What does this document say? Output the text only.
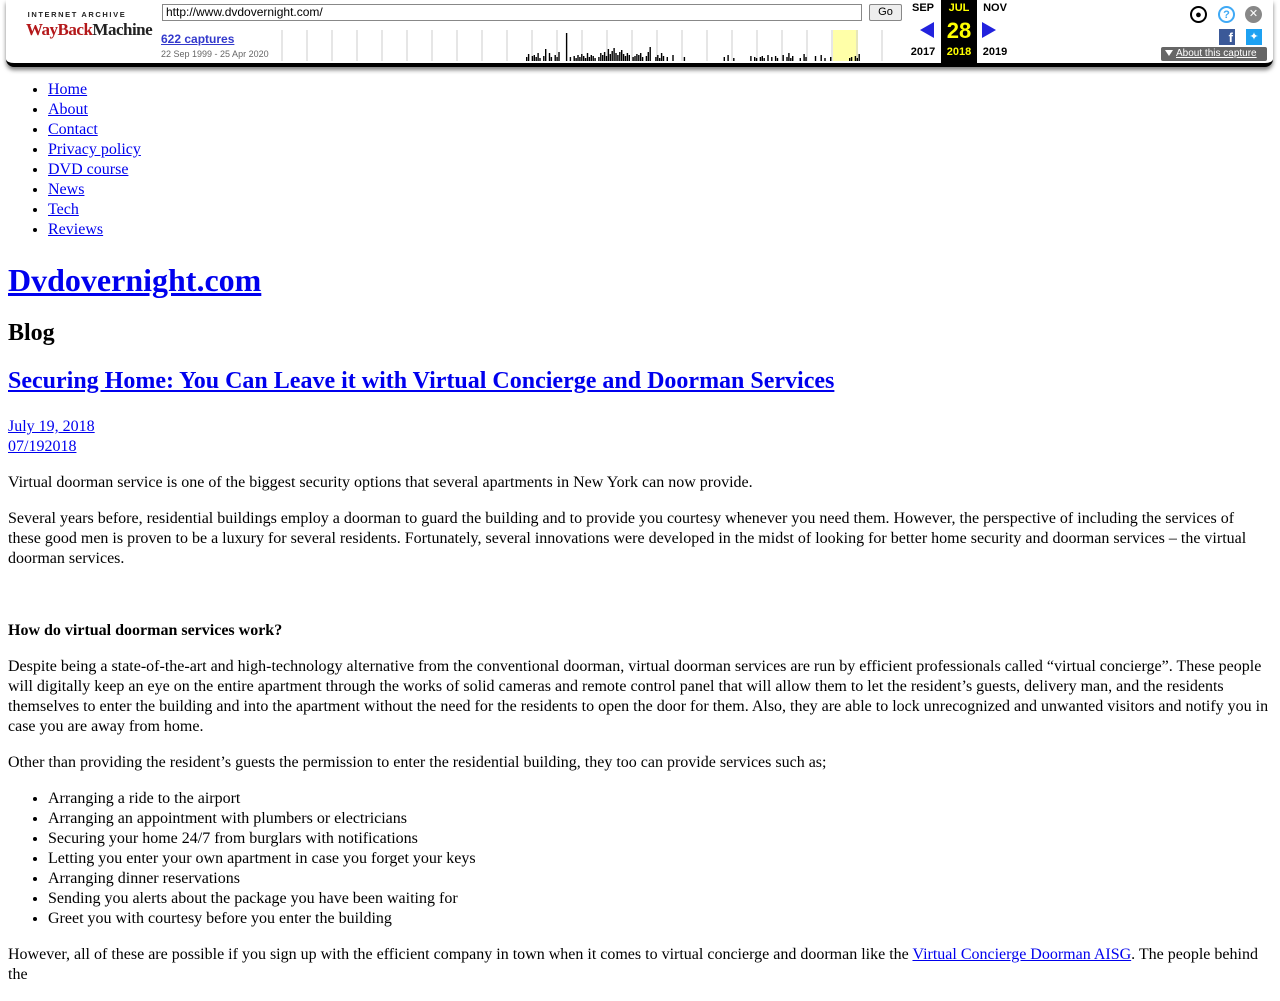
INTERNET ARCHIVE
WayBackMachine
http://www.dvdovernight.com/	Go
622 captures
22 Sep 1999 - 25 Apr 2020
SEP
2017
JUL
28
2018
NOV
2019
●	?	✕
f	✦
About this capture
• Home
• About
• Contact
• Privacy policy
• DVD course
• News
• Tech
• Reviews
Dvdovernight.com
Blog
Securing Home: You Can Leave it with Virtual Concierge and Doorman Services

July 19, 2018
07/192018

Virtual doorman service is one of the biggest security options that several apartments in New York can now provide.

Several years before, residential buildings employ a doorman to guard the building and to provide you courtesy whenever you need them. However, the perspective of including the services of these good men is proven to be a luxury for several residents. Fortunately, several innovations were developed in the midst of looking for better home security and doorman services – the virtual doorman services.

How do virtual doorman services work?

Despite being a state-of-the-art and high-technology alternative from the conventional doorman, virtual doorman services are run by efficient professionals called “virtual concierge”. These people will digitally keep an eye on the entire apartment through the works of solid cameras and remote control panel that will allow them to let the resident’s guests, delivery man, and the residents themselves to enter the building and into the apartment without the need for the residents to open the door for them. Also, they are able to lock unrecognized and unwanted visitors and notify you in case you are away from home.

Other than providing the resident’s guests the permission to enter the residential building, they too can provide services such as;

• Arranging a ride to the airport
• Arranging an appointment with plumbers or electricians
• Securing your home 24/7 from burglars with notifications
• Letting you enter your own apartment in case you forget your keys
• Arranging dinner reservations
• Sending you alerts about the package you have been waiting for
• Greet you with courtesy before you enter the building

However, all of these are possible if you sign up with the efficient company in town when it comes to virtual concierge and doorman like the Virtual Concierge Doorman AISG. The people behind the
